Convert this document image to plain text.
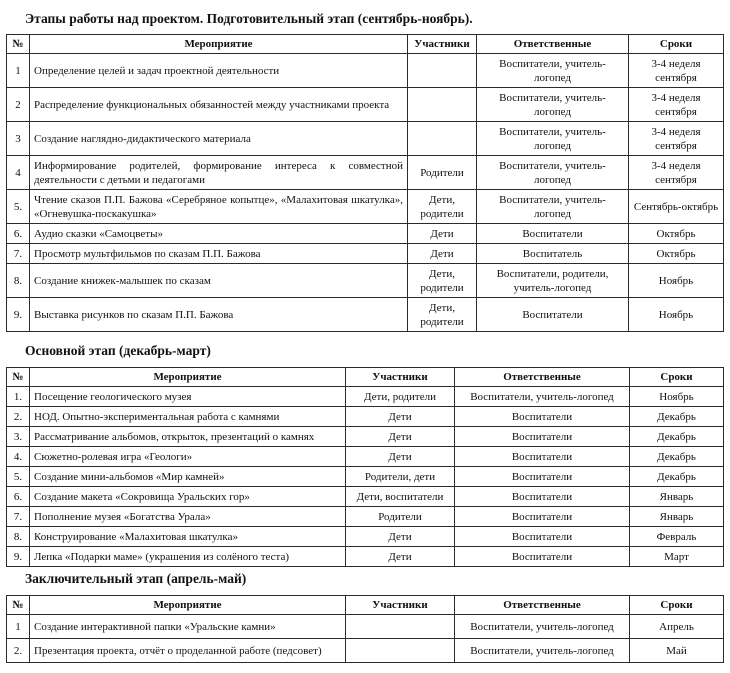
Этапы работы над проектом. Подготовительный этап (сентябрь-ноябрь).
№	Мероприятие	Участники	Ответственные	Сроки
1	Определение целей и задач проектной деятельности		Воспитатели, учитель-логопед	3-4 неделя сентября
2	Распределение функциональных обязанностей между участниками проекта		Воспитатели, учитель-логопед	3-4 неделя сентября
3	Создание наглядно-дидактического материала		Воспитатели, учитель-логопед	3-4 неделя сентября
4	Информирование родителей, формирование интереса к совместной деятельности с детьми и педагогами	Родители	Воспитатели, учитель-логопед	3-4 неделя сентября
5.	Чтение сказов П.П. Бажова «Серебряное копытце», «Малахитовая шкатулка», «Огневушка-поскакушка»	Дети, родители	Воспитатели, учитель-логопед	Сентябрь-октябрь
6.	Аудио сказки «Самоцветы»	Дети	Воспитатели	Октябрь
7.	Просмотр мультфильмов по сказам П.П. Бажова	Дети	Воспитатель	Октябрь
8.	Создание книжек-малышек по сказам	Дети, родители	Воспитатели, родители, учитель-логопед	Ноябрь
9.	Выставка рисунков по сказам П.П. Бажова	Дети, родители	Воспитатели	Ноябрь
Основной этап (декабрь-март)
№	Мероприятие	Участники	Ответственные	Сроки
1.	Посещение геологического музея	Дети, родители	Воспитатели, учитель-логопед	Ноябрь
2.	НОД. Опытно-экспериментальная работа с камнями	Дети	Воспитатели	Декабрь
3.	Рассматривание альбомов, открыток, презентаций о камнях	Дети	Воспитатели	Декабрь
4.	Сюжетно-ролевая игра «Геологи»	Дети	Воспитатели	Декабрь
5.	Создание мини-альбомов «Мир камней»	Родители, дети	Воспитатели	Декабрь
6.	Создание макета «Сокровища Уральских гор»	Дети, воспитатели	Воспитатели	Январь
7.	Пополнение музея «Богатства Урала»	Родители	Воспитатели	Январь
8.	Конструирование «Малахитовая шкатулка»	Дети	Воспитатели	Февраль
9.	Лепка «Подарки маме» (украшения из солёного теста)	Дети	Воспитатели	Март
Заключительный этап (апрель-май)
№	Мероприятие	Участники	Ответственные	Сроки
1	Создание интерактивной папки «Уральские камни»		Воспитатели, учитель-логопед	Апрель
2.	Презентация проекта, отчёт о проделанной работе (педсовет)		Воспитатели, учитель-логопед	Май
